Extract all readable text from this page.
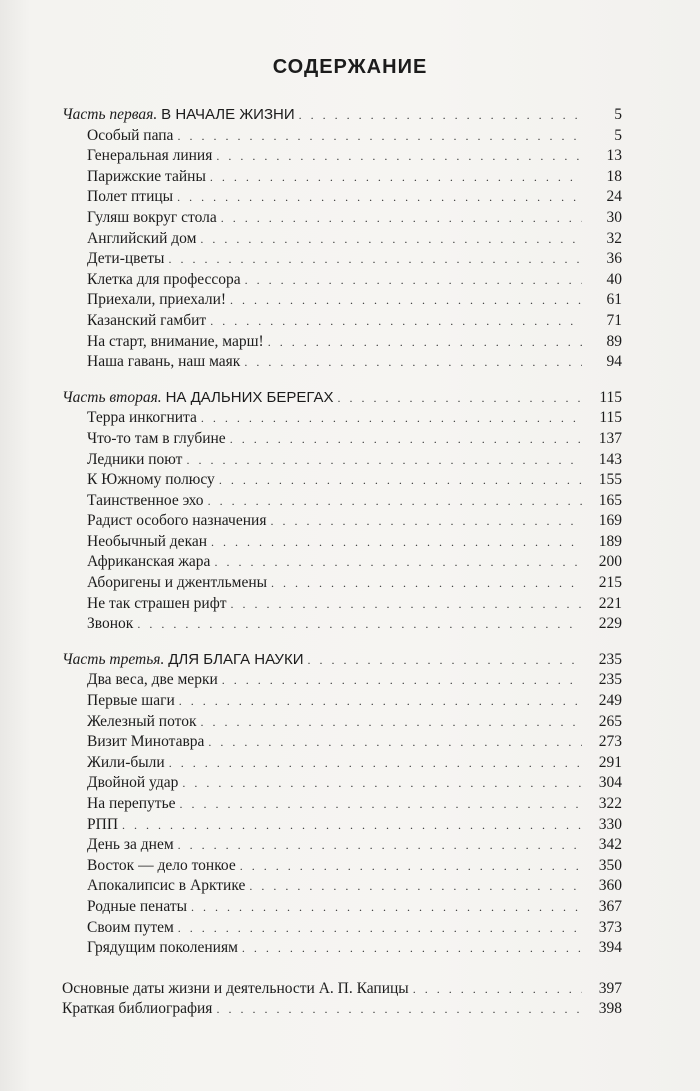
СОДЕРЖАНИЕ
Часть первая. В НАЧАЛЕ ЖИЗНИ . . .	5
Особый папа . . .	5
Генеральная линия . . .	13
Парижские тайны . . .	18
Полет птицы . . .	24
Гуляш вокруг стола . . .	30
Английский дом . . .	32
Дети-цветы . . .	36
Клетка для профессора . . .	40
Приехали, приехали! . . .	61
Казанский гамбит . . .	71
На старт, внимание, марш! . . .	89
Наша гавань, наш маяк . . .	94
Часть вторая. НА ДАЛЬНИХ БЕРЕГАХ . . .	115
Терра инкогнита . . .	115
Что-то там в глубине . . .	137
Ледники поют . . .	143
К Южному полюсу . . .	155
Таинственное эхо . . .	165
Радист особого назначения . . .	169
Необычный декан . . .	189
Африканская жара . . .	200
Аборигены и джентльмены . . .	215
Не так страшен рифт . . .	221
Звонок . . .	229
Часть третья. ДЛЯ БЛАГА НАУКИ . . .	235
Два веса, две мерки . . .	235
Первые шаги . . .	249
Железный поток . . .	265
Визит Минотавра . . .	273
Жили-были . . .	291
Двойной удар . . .	304
На перепутье . . .	322
РПП . . .	330
День за днем . . .	342
Восток — дело тонкое . . .	350
Апокалипсис в Арктике . . .	360
Родные пенаты . . .	367
Своим путем . . .	373
Грядущим поколениям . . .	394
Основные даты жизни и деятельности А. П. Капицы . . .	397
Краткая библиография . . .	398
